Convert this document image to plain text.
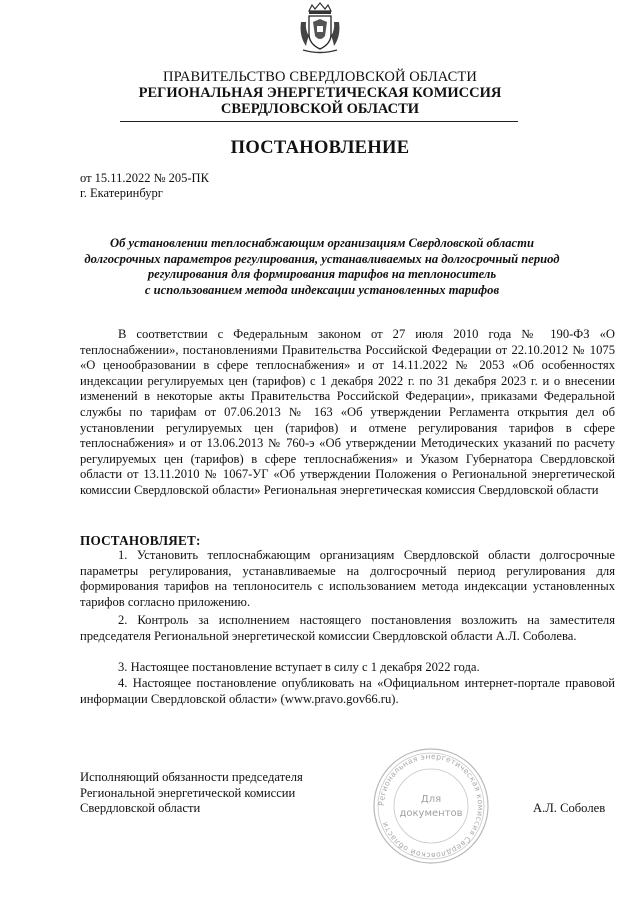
ПРАВИТЕЛЬСТВО СВЕРДЛОВСКОЙ ОБЛАСТИ
РЕГИОНАЛЬНАЯ ЭНЕРГЕТИЧЕСКАЯ КОМИССИЯ
СВЕРДЛОВСКОЙ ОБЛАСТИ
ПОСТАНОВЛЕНИЕ
от 15.11.2022 № 205-ПК
г. Екатеринбург
Об установлении теплоснабжающим организациям Свердловской области
долгосрочных параметров регулирования, устанавливаемых на долгосрочный период
регулирования для формирования тарифов на теплоноситель
с использованием метода индексации установленных тарифов
В соответствии с Федеральным законом от 27 июля 2010 года № 190-ФЗ «О теплоснабжении», постановлениями Правительства Российской Федерации от 22.10.2012 № 1075 «О ценообразовании в сфере теплоснабжения» и от 14.11.2022 № 2053 «Об особенностях индексации регулируемых цен (тарифов) с 1 декабря 2022 г. по 31 декабря 2023 г. и о внесении изменений в некоторые акты Правительства Российской Федерации», приказами Федеральной службы по тарифам от 07.06.2013 № 163 «Об утверждении Регламента открытия дел об установлении регулируемых цен (тарифов) и отмене регулирования тарифов в сфере теплоснабжения» и от 13.06.2013 № 760-э «Об утверждении Методических указаний по расчету регулируемых цен (тарифов) в сфере теплоснабжения» и Указом Губернатора Свердловской области от 13.11.2010 № 1067-УГ «Об утверждении Положения о Региональной энергетической комиссии Свердловской области» Региональная энергетическая комиссия Свердловской области
ПОСТАНОВЛЯЕТ:
1. Установить теплоснабжающим организациям Свердловской области долгосрочные параметры регулирования, устанавливаемые на долгосрочный период регулирования для формирования тарифов на теплоноситель с использованием метода индексации установленных тарифов согласно приложению.
2. Контроль за исполнением настоящего постановления возложить на заместителя председателя Региональной энергетической комиссии Свердловской области А.Л. Соболева.
3. Настоящее постановление вступает в силу с 1 декабря 2022 года.
4. Настоящее постановление опубликовать на «Официальном интернет-портале правовой информации Свердловской области» (www.pravo.gov66.ru).
Исполняющий обязанности председателя
Региональной энергетической комиссии
Свердловской области	А.Л. Соболев
Региональная энергетическая комиссия Свердловской области
Для
документов
